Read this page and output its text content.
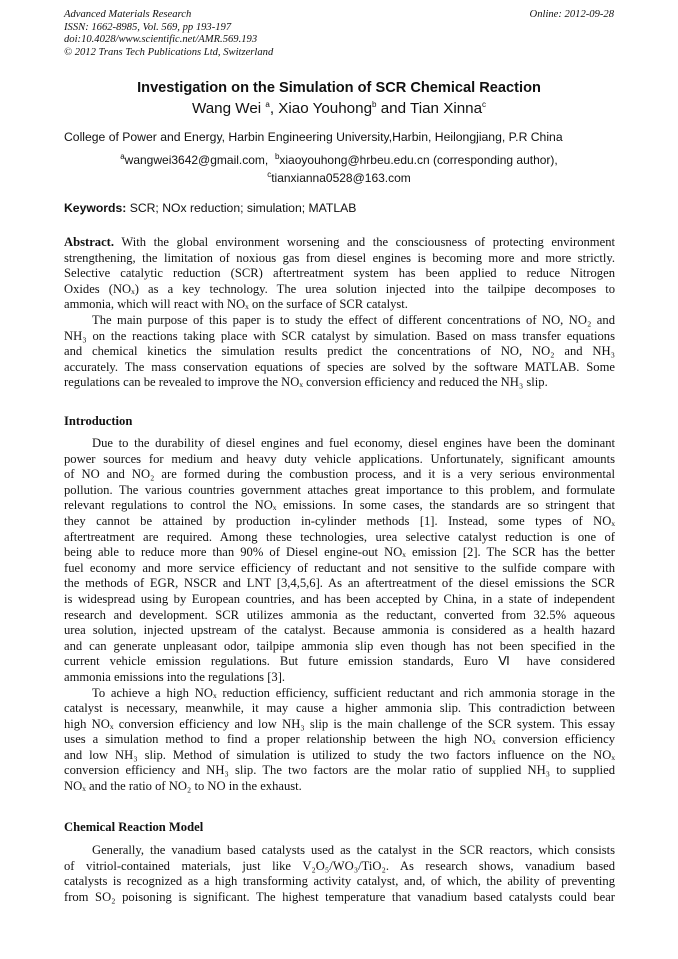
Advanced Materials Research
ISSN: 1662-8985, Vol. 569, pp 193-197
doi:10.4028/www.scientific.net/AMR.569.193
© 2012 Trans Tech Publications Ltd, Switzerland
Online: 2012-09-28
Investigation on the Simulation of SCR Chemical Reaction
Wang Wei $^a$, Xiao Youhong$^b$ and Tian Xinna$^c$
College of Power and Energy, Harbin Engineering University,Harbin, Heilongjiang, P.R China
$^a$wangwei3642@gmail.com, $^b$xiaoyouhong@hrbeu.edu.cn (corresponding author),
$^c$tianxianna0528@163.com
Keywords: SCR; NOx reduction; simulation; MATLAB
Abstract. With the global environment worsening and the consciousness of protecting environment
strengthening, the limitation of noxious gas from diesel engines is becoming more and more strictly.
Selective catalytic reduction (SCR) aftertreatment system has been applied to reduce Nitrogen
Oxides (NOₓ) as a key technology. The urea solution injected into the tailpipe decomposes to
ammonia, which will react with NOₓ on the surface of SCR catalyst.
The main purpose of this paper is to study the effect of different concentrations of NO, NO₂ and
NH₃ on the reactions taking place with SCR catalyst by simulation. Based on mass transfer equations
and chemical kinetics the simulation results predict the concentrations of NO, NO₂ and NH₃
accurately. The mass conservation equations of species are solved by the software MATLAB. Some
regulations can be revealed to improve the NOₓ conversion efficiency and reduced the NH₃ slip.
Introduction
Due to the durability of diesel engines and fuel economy, diesel engines have been the dominant
power sources for medium and heavy duty vehicle applications. Unfortunately, significant amounts
of NO and NO₂ are formed during the combustion process, and it is a very serious environmental
pollution. The various countries government attaches great importance to this problem, and formulate
relevant regulations to control the NOₓ emissions. In some cases, the standards are so stringent that
they cannot be attained by production in-cylinder methods [1]. Instead, some types of NOₓ
aftertreatment are required. Among these technologies, urea selective catalyst reduction is one of
being able to reduce more than 90% of Diesel engine-out NOₓ emission [2]. The SCR has the better
fuel economy and more service efficiency of reductant and not sensitive to the sulfide compare with
the methods of EGR, NSCR and LNT [3,4,5,6]. As an aftertreatment of the diesel emissions the SCR
is widespread using by European countries, and has been accepted by China, in a state of independent
research and development. SCR utilizes ammonia as the reductant, converted from 32.5% aqueous
urea solution, injected upstream of the catalyst. Because ammonia is considered as a health hazard
and can generate unpleasant odor, tailpipe ammonia slip even though has not been specified in the
current vehicle emission regulations. But future emission standards, Euro Ⅵ have considered
ammonia emissions into the regulations [3].
To achieve a high NOₓ reduction efficiency, sufficient reductant and rich ammonia storage in the
catalyst is necessary, meanwhile, it may cause a higher ammonia slip. This contradiction between
high NOₓ conversion efficiency and low NH₃ slip is the main challenge of the SCR system. This essay
uses a simulation method to find a proper relationship between the high NOₓ conversion efficiency
and low NH₃ slip. Method of simulation is utilized to study the two factors influence on the NOₓ
conversion efficiency and NH₃ slip. The two factors are the molar ratio of supplied NH₃ to supplied
NOₓ and the ratio of NO₂ to NO in the exhaust.
Chemical Reaction Model
Generally, the vanadium based catalysts used as the catalyst in the SCR reactors, which consists
of vitriol-contained materials, just like V₂O₅/WO₃/TiO₂. As research shows, vanadium based
catalysts is recognized as a high transforming activity catalyst, and, of which, the ability of preventing
from SO₂ poisoning is significant. The highest temperature that vanadium based catalysts could bear
